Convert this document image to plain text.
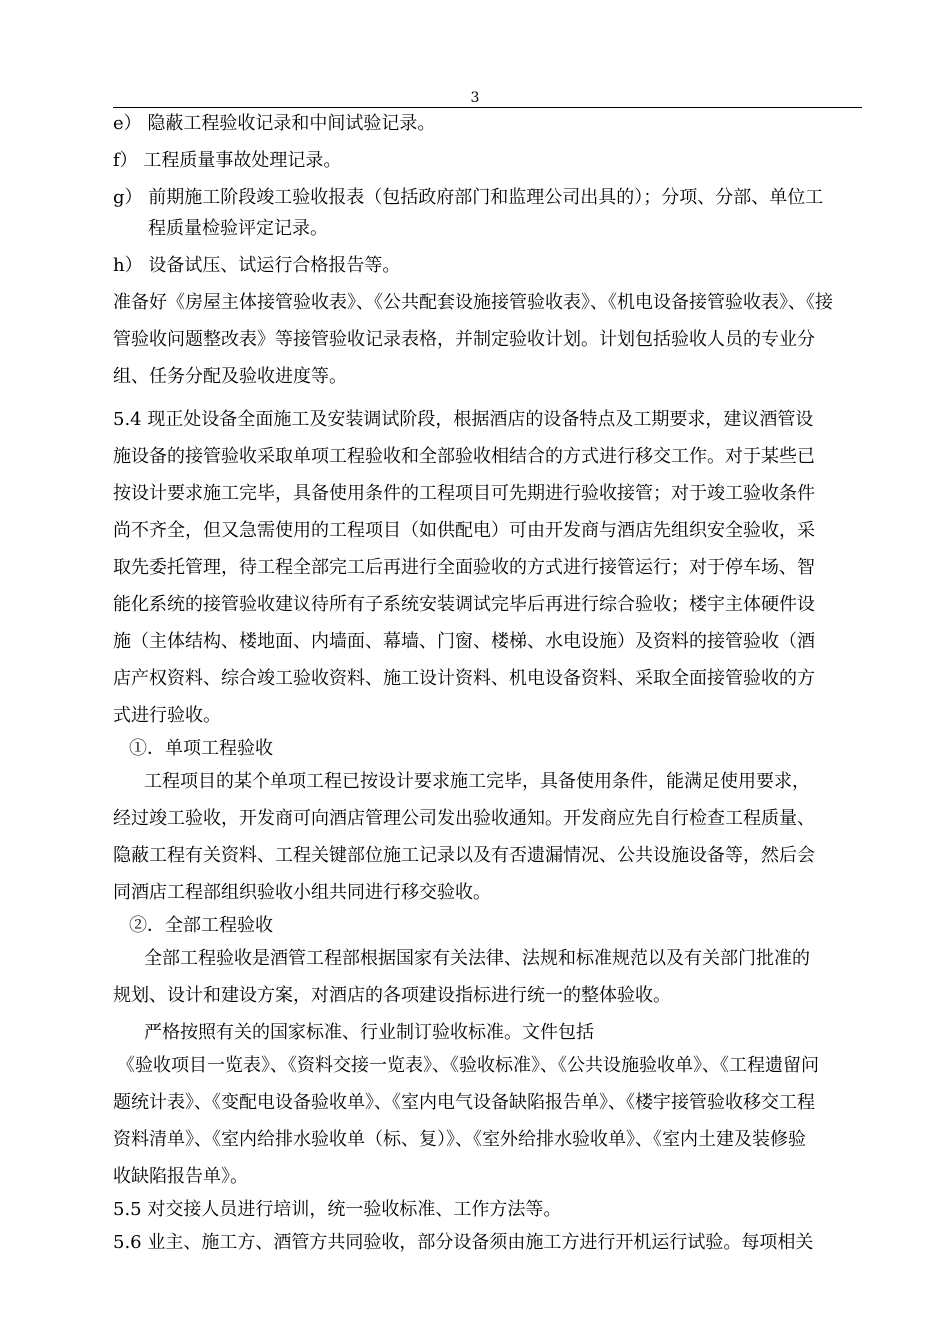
3
e） 隐蔽工程验收记录和中间试验记录。
f） 工程质量事故处理记录。
g） 前期施工阶段竣工验收报表（包括政府部门和监理公司出具的）；分项、分部、单位工
程质量检验评定记录。
h） 设备试压、试运行合格报告等。
准备好《房屋主体接管验收表》、《公共配套设施接管验收表》、《机电设备接管验收表》、《接
管验收问题整改表》等接管验收记录表格，并制定验收计划。计划包括验收人员的专业分
组、任务分配及验收进度等。
5.4 现正处设备全面施工及安装调试阶段，根据酒店的设备特点及工期要求，建议酒管设
施设备的接管验收采取单项工程验收和全部验收相结合的方式进行移交工作。对于某些已
按设计要求施工完毕，具备使用条件的工程项目可先期进行验收接管；对于竣工验收条件
尚不齐全，但又急需使用的工程项目（如供配电）可由开发商与酒店先组织安全验收，采
取先委托管理，待工程全部完工后再进行全面验收的方式进行接管运行；对于停车场、智
能化系统的接管验收建议待所有子系统安装调试完毕后再进行综合验收；楼宇主体硬件设
施（主体结构、楼地面、内墙面、幕墙、门窗、楼梯、水电设施）及资料的接管验收（酒
店产权资料、综合竣工验收资料、施工设计资料、机电设备资料、采取全面接管验收的方
式进行验收。
①．单项工程验收
工程项目的某个单项工程已按设计要求施工完毕，具备使用条件，能满足使用要求，
经过竣工验收，开发商可向酒店管理公司发出验收通知。开发商应先自行检查工程质量、
隐蔽工程有关资料、工程关键部位施工记录以及有否遗漏情况、公共设施设备等，然后会
同酒店工程部组织验收小组共同进行移交验收。
②．全部工程验收
全部工程验收是酒管工程部根据国家有关法律、法规和标准规范以及有关部门批准的
规划、设计和建设方案，对酒店的各项建设指标进行统一的整体验收。
严格按照有关的国家标准、行业制订验收标准。文件包括
《验收项目一览表》、《资料交接一览表》、《验收标准》、《公共设施验收单》、《工程遗留问
题统计表》、《变配电设备验收单》、《室内电气设备缺陷报告单》、《楼宇接管验收移交工程
资料清单》、《室内给排水验收单（标、复）》、《室外给排水验收单》、《室内土建及装修验
收缺陷报告单》。
5.5 对交接人员进行培训，统一验收标准、工作方法等。
5.6 业主、施工方、酒管方共同验收，部分设备须由施工方进行开机运行试验。每项相关
